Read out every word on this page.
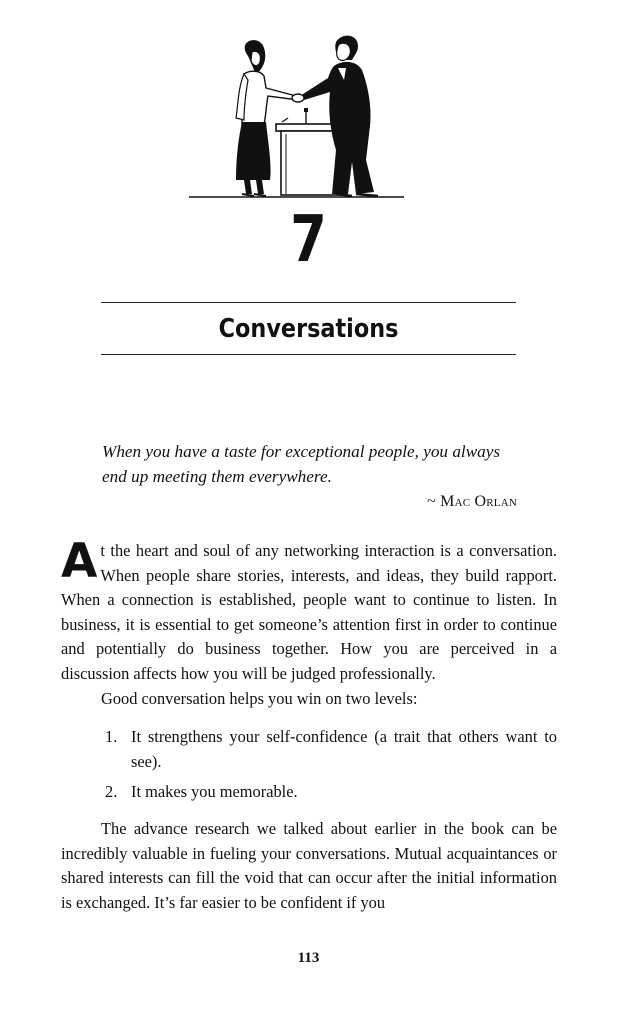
7
Conversations
When you have a taste for exceptional people, you always end up meeting them everywhere.
~ Mac Orlan

At the heart and soul of any networking interaction is a conversation. When people share stories, interests, and ideas, they build rapport. When a connection is established, people want to continue to listen. In business, it is essential to get someone’s attention first in order to continue and potentially do business together. How you are perceived in a discussion affects how you will be judged professionally.

Good conversation helps you win on two levels:

1. It strengthens your self-confidence (a trait that others want to see).
2. It makes you memorable.

The advance research we talked about earlier in the book can be incredibly valuable in fueling your conversations. Mutual acquaintances or shared interests can fill the void that can occur after the initial information is exchanged. It’s far easier to be confident if you

113
